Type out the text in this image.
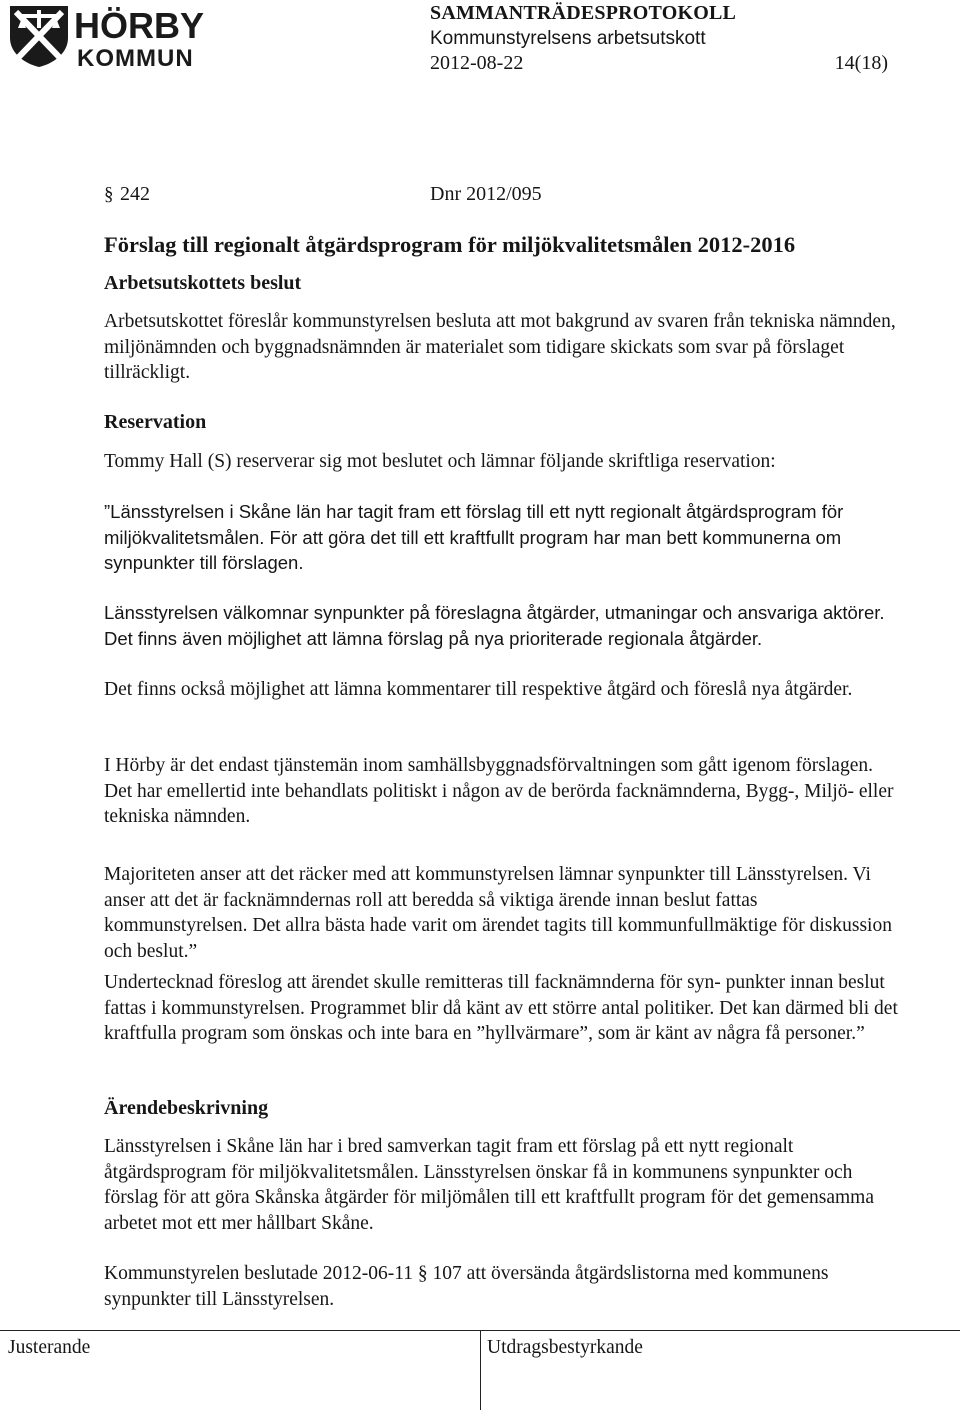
HÖRBY
KOMMUN
SAMMANTRÄDESPROTOKOLL
Kommunstyrelsens arbetsutskott
2012-08-22	14(18)
§ 242	Dnr 2012/095
Förslag till regionalt åtgärdsprogram för miljökvalitetsmålen 2012-2016
Arbetsutskottets beslut
Arbetsutskottet föreslår kommunstyrelsen besluta att mot bakgrund av svaren från tekniska nämnden, miljönämnden och byggnadsnämnden är materialet som tidigare skickats som svar på förslaget tillräckligt.
Reservation
Tommy Hall (S) reserverar sig mot beslutet och lämnar följande skriftliga reservation:
”Länsstyrelsen i Skåne län har tagit fram ett förslag till ett nytt regionalt åtgärdsprogram för miljökvalitetsmålen. För att göra det till ett kraftfullt program har man bett kommunerna om synpunkter till förslagen.
Länsstyrelsen välkomnar synpunkter på föreslagna åtgärder, utmaningar och ansvariga aktörer. Det finns även möjlighet att lämna förslag på nya prioriterade regionala åtgärder.
Det finns också möjlighet att lämna kommentarer till respektive åtgärd och föreslå nya åtgärder.
I Hörby är det endast tjänstemän inom samhällsbyggnadsförvaltningen som gått igenom förslagen. Det har emellertid inte behandlats politiskt i någon av de berörda facknämnderna, Bygg-, Miljö- eller tekniska nämnden.
Majoriteten anser att det räcker med att kommunstyrelsen lämnar synpunkter till Länsstyrelsen. Vi anser att det är facknämndernas roll att beredda så viktiga ärende innan beslut fattas kommunstyrelsen. Det allra bästa hade varit om ärendet tagits till kommunfullmäktige för diskussion och beslut.”
Undertecknad föreslog att ärendet skulle remitteras till facknämnderna för syn- punkter innan beslut fattas i kommunstyrelsen. Programmet blir då känt av ett större antal politiker. Det kan därmed bli det kraftfulla program som önskas och inte bara en ”hyllvärmare”, som är känt av några få personer.”
Ärendebeskrivning
Länsstyrelsen i Skåne län har i bred samverkan tagit fram ett förslag på ett nytt regionalt åtgärdsprogram för miljökvalitetsmålen. Länsstyrelsen önskar få in kommunens synpunkter och förslag för att göra Skånska åtgärder för miljömålen till ett kraftfullt program för det gemensamma arbetet mot ett mer hållbart Skåne.
Kommunstyrelen beslutade 2012-06-11 § 107 att översända åtgärdslistorna med kommunens synpunkter till Länsstyrelsen.
Justerande	Utdragsbestyrkande
